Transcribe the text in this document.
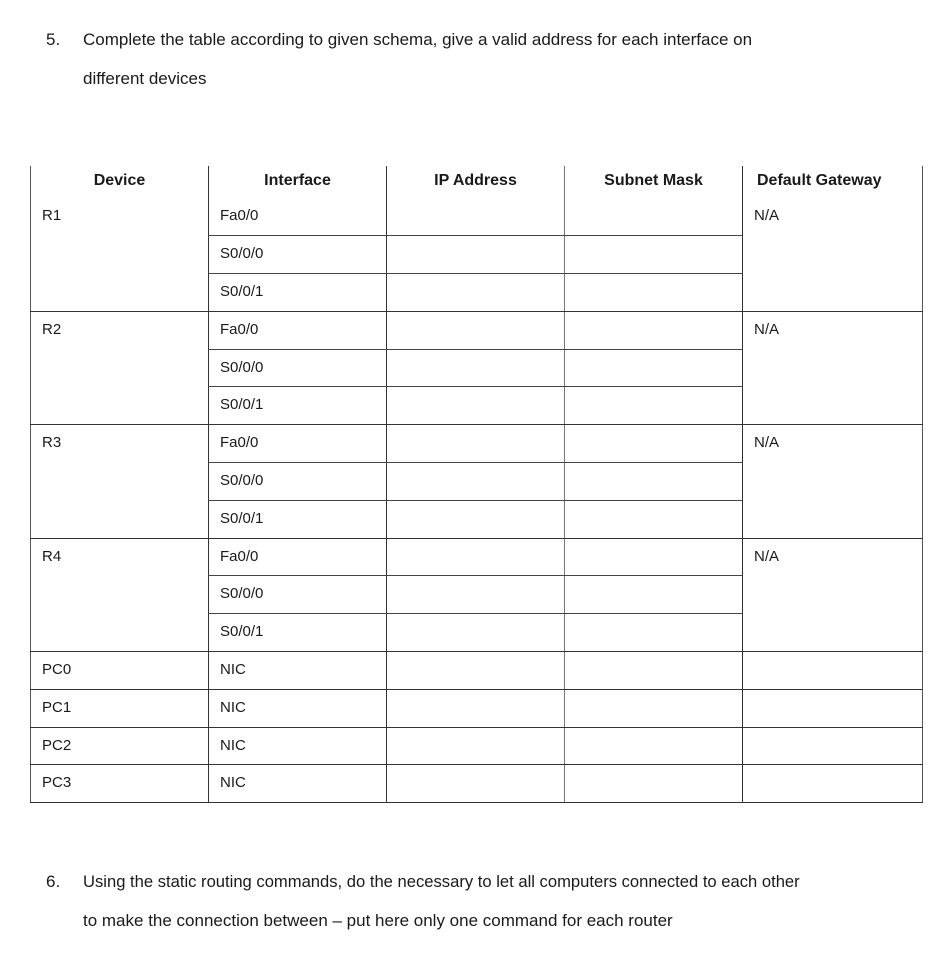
5. Complete the table according to given schema, give a valid address for each interface on
different devices
Device	Interface	IP Address	Subnet Mask	Default Gateway
R1	Fa0/0			N/A
	S0/0/0			
	S0/0/1			
R2	Fa0/0			N/A
	S0/0/0			
	S0/0/1			
R3	Fa0/0			N/A
	S0/0/0			
	S0/0/1			
R4	Fa0/0			N/A
	S0/0/0			
	S0/0/1			
PC0	NIC			
PC1	NIC			
PC2	NIC			
PC3	NIC			
6. Using the static routing commands, do the necessary to let all computers connected to each other
to make the connection between – put here only one command for each router
